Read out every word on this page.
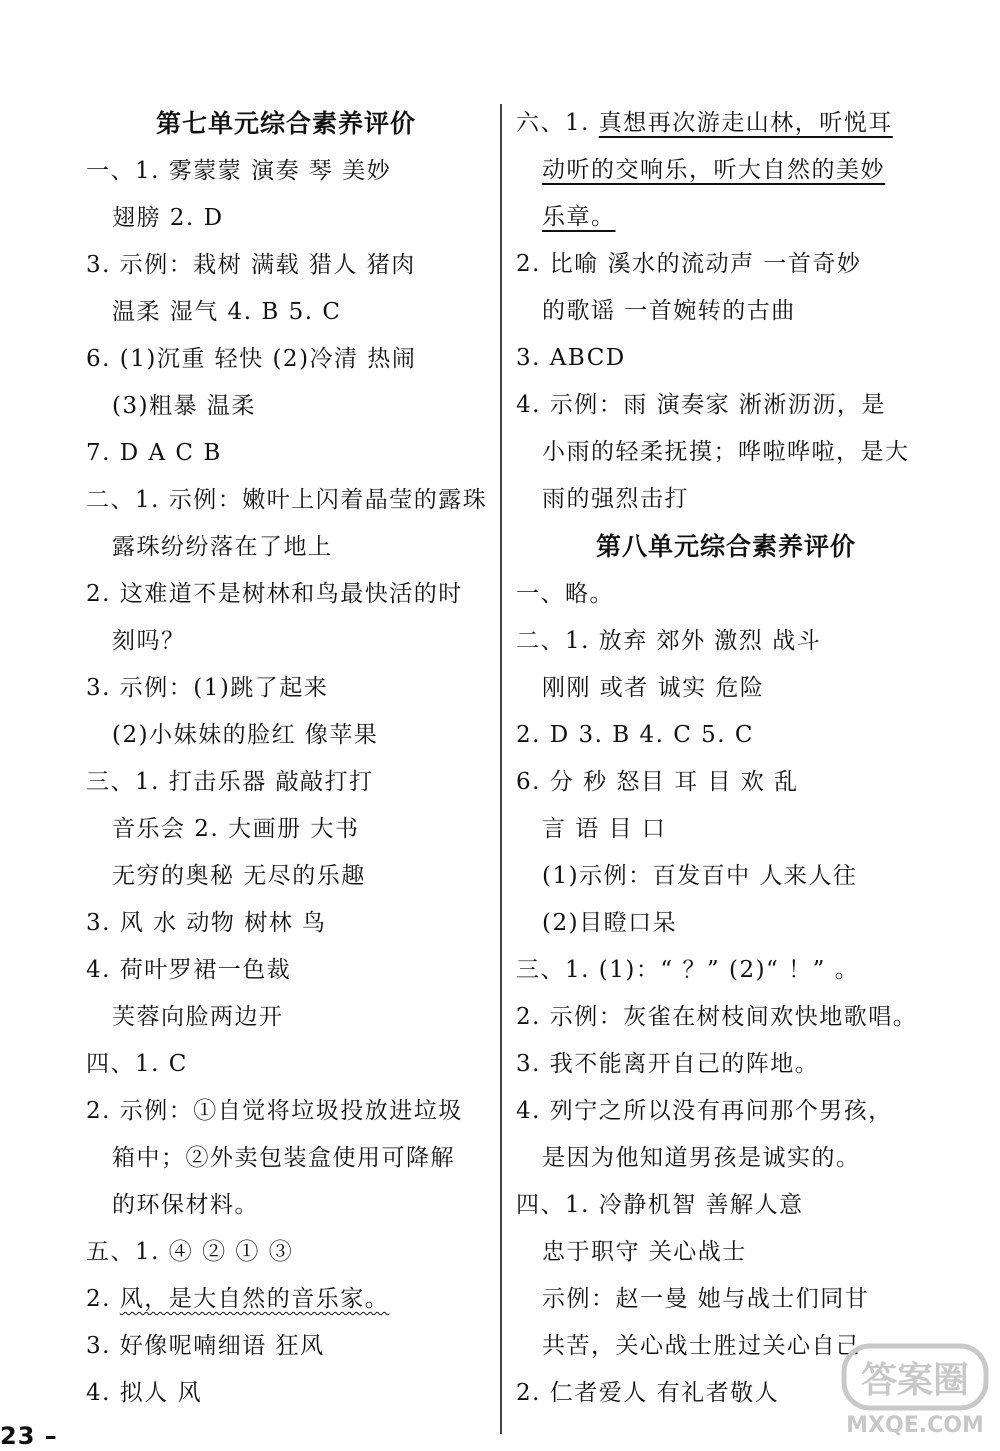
第七单元综合素养评价
一、1. 雾蒙蒙 演奏 琴 美妙
翅膀 2. D
3. 示例：栽树 满载 猎人 猪肉
温柔 湿气 4. B 5. C
6. (1)沉重 轻快 (2)冷清 热闹
(3)粗暴 温柔
7. D A C B
二、1. 示例：嫩叶上闪着晶莹的露珠
露珠纷纷落在了地上
2. 这难道不是树林和鸟最快活的时
刻吗？
3. 示例：(1)跳了起来
(2)小妹妹的脸红 像苹果
三、1. 打击乐器 敲敲打打
音乐会 2. 大画册 大书
无穷的奥秘 无尽的乐趣
3. 风 水 动物 树林 鸟
4. 荷叶罗裙一色裁
芙蓉向脸两边开
四、1. C
2. 示例：①自觉将垃圾投放进垃圾
箱中；②外卖包装盒使用可降解
的环保材料。
五、1. ④ ② ① ③
2. 风，是大自然的音乐家。
3. 好像呢喃细语 狂风
4. 拟人 风
六、1. 真想再次游走山林，听悦耳
动听的交响乐，听大自然的美妙
乐章。
2. 比喻 溪水的流动声 一首奇妙
的歌谣 一首婉转的古曲
3. ABCD
4. 示例：雨 演奏家 淅淅沥沥，是
小雨的轻柔抚摸；哗啦哗啦，是大
雨的强烈击打
第八单元综合素养评价
一、略。
二、1. 放弃 郊外 激烈 战斗
刚刚 或者 诚实 危险
2. D 3. B 4. C 5. C
6. 分 秒 怒目 耳 目 欢 乱
言 语 目 口
(1)示例：百发百中 人来人往
(2)目瞪口呆
三、1. (1)：“ ？” (2)“ ！” 。
2. 示例：灰雀在树枝间欢快地歌唱。
3. 我不能离开自己的阵地。
4. 列宁之所以没有再问那个男孩，
是因为他知道男孩是诚实的。
四、1. 冷静机智 善解人意
忠于职守 关心战士
示例：赵一曼 她与战士们同甘
共苦，关心战士胜过关心自己
2. 仁者爱人 有礼者敬人
23 –
答案圈
MXQE.COM
